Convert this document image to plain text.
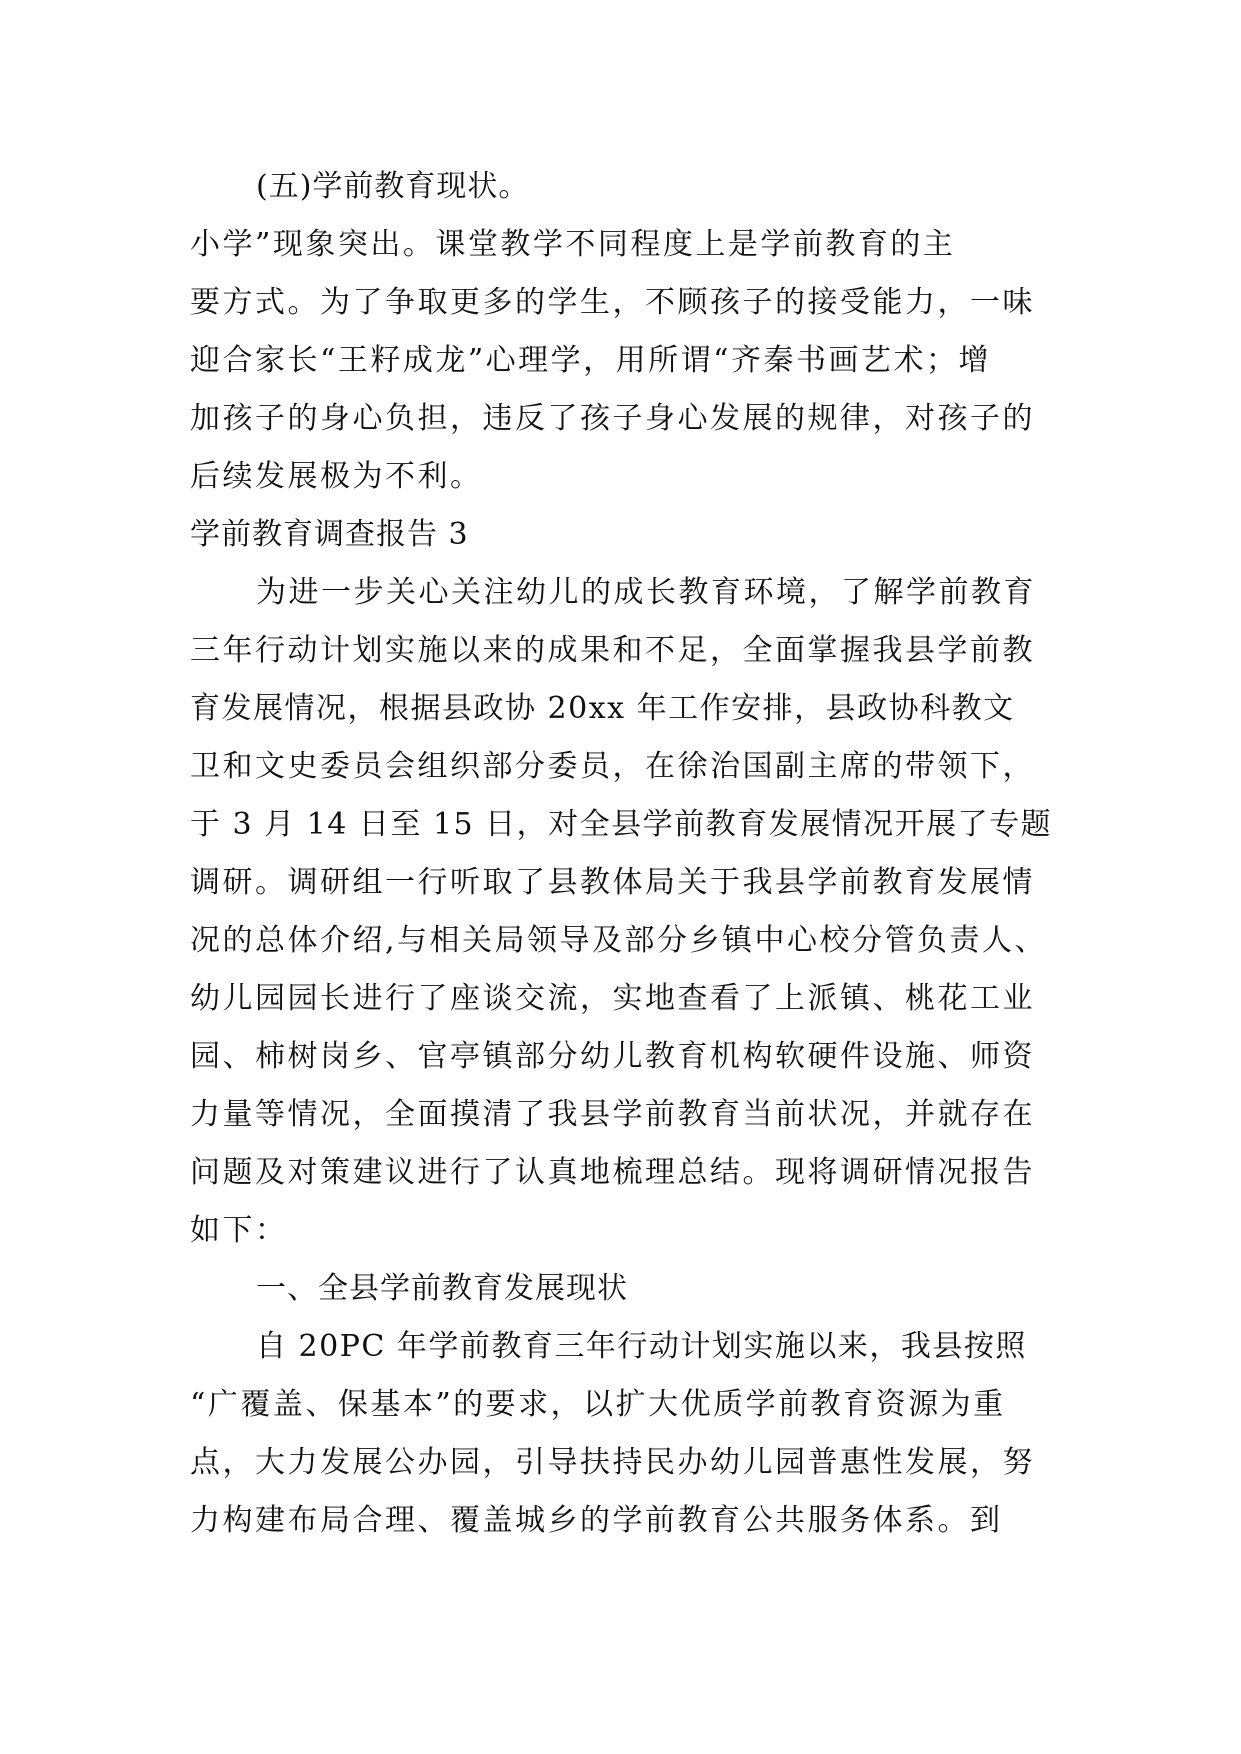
(五)学前教育现状。
小学”现象突出。课堂教学不同程度上是学前教育的主
要方式。为了争取更多的学生，不顾孩子的接受能力，一味
迎合家长“王籽成龙”心理学，用所谓“齐秦书画艺术；增
加孩子的身心负担，违反了孩子身心发展的规律，对孩子的
后续发展极为不利。
学前教育调查报告 3
为进一步关心关注幼儿的成长教育环境，了解学前教育
三年行动计划实施以来的成果和不足，全面掌握我县学前教
育发展情况，根据县政协 20xx 年工作安排，县政协科教文
卫和文史委员会组织部分委员，在徐治国副主席的带领下，
于 3 月 14 日至 15 日，对全县学前教育发展情况开展了专题
调研。调研组一行听取了县教体局关于我县学前教育发展情
况的总体介绍,与相关局领导及部分乡镇中心校分管负责人、
幼儿园园长进行了座谈交流，实地查看了上派镇、桃花工业
园、柿树岗乡、官亭镇部分幼儿教育机构软硬件设施、师资
力量等情况，全面摸清了我县学前教育当前状况，并就存在
问题及对策建议进行了认真地梳理总结。现将调研情况报告
如下：
一、全县学前教育发展现状
自 20PC 年学前教育三年行动计划实施以来，我县按照
“广覆盖、保基本”的要求，以扩大优质学前教育资源为重
点，大力发展公办园，引导扶持民办幼儿园普惠性发展，努
力构建布局合理、覆盖城乡的学前教育公共服务体系。到
